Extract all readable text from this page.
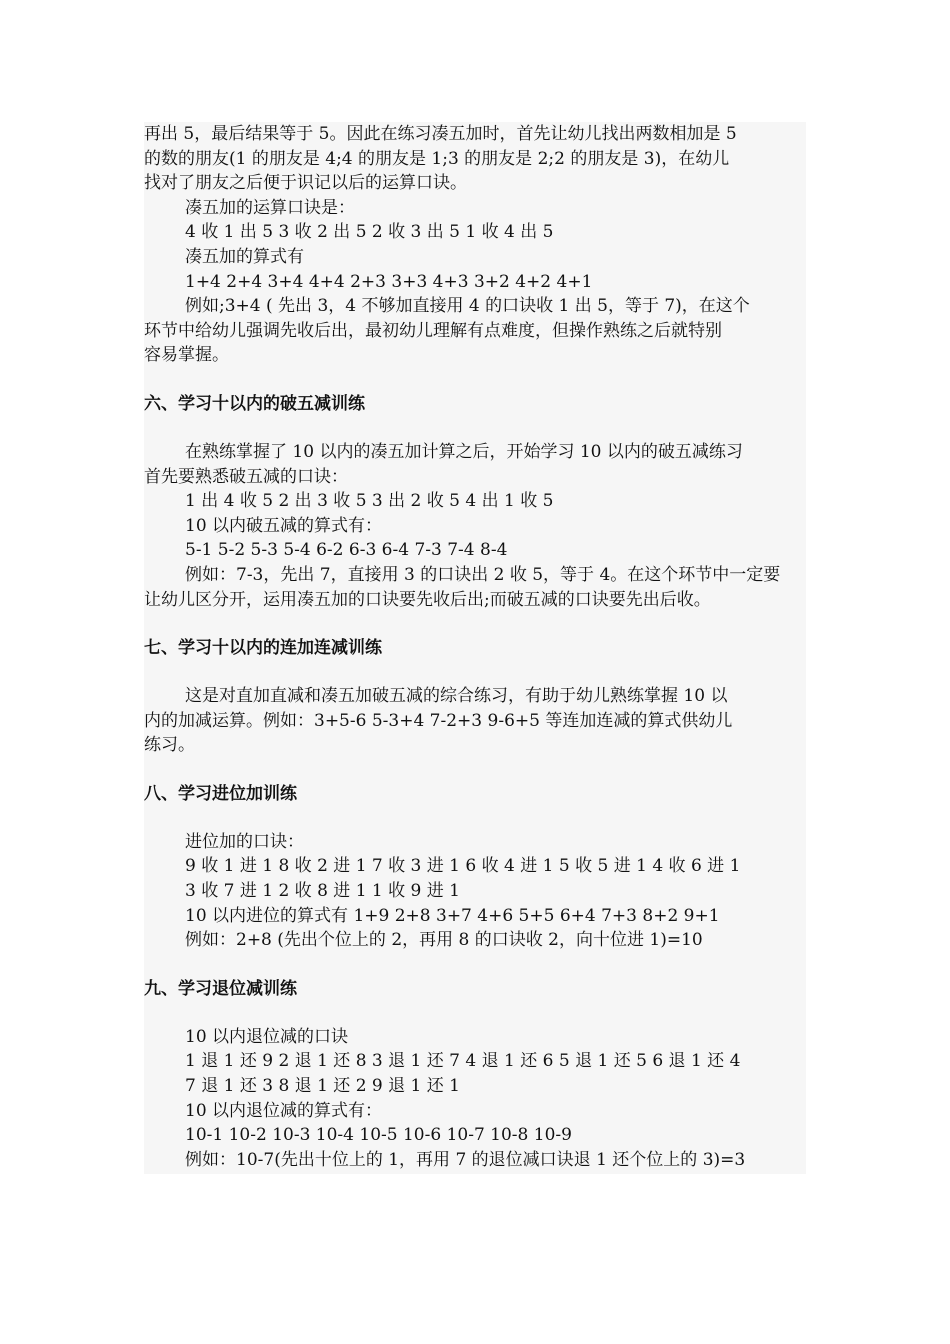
再出 5，最后结果等于 5。因此在练习凑五加时，首先让幼儿找出两数相加是 5
的数的朋友(1 的朋友是 4;4 的朋友是 1;3 的朋友是 2;2 的朋友是 3)，在幼儿
找对了朋友之后便于识记以后的运算口诀。
凑五加的运算口诀是：
4 收 1 出 5 3 收 2 出 5 2 收 3 出 5 1 收 4 出 5
凑五加的算式有
1+4 2+4 3+4 4+4 2+3 3+3 4+3 3+2 4+2 4+1
例如;3+4 ( 先出 3，4 不够加直接用 4 的口诀收 1 出 5，等于 7)，在这个
环节中给幼儿强调先收后出，最初幼儿理解有点难度，但操作熟练之后就特别
容易掌握。
六、学习十以内的破五减训练
在熟练掌握了 10 以内的凑五加计算之后，开始学习 10 以内的破五减练习
首先要熟悉破五减的口诀：
1 出 4 收 5 2 出 3 收 5 3 出 2 收 5 4 出 1 收 5
10 以内破五减的算式有：
5-1 5-2 5-3 5-4 6-2 6-3 6-4 7-3 7-4 8-4
例如：7-3，先出 7，直接用 3 的口诀出 2 收 5，等于 4。在这个环节中一定要
让幼儿区分开，运用凑五加的口诀要先收后出;而破五减的口诀要先出后收。
七、学习十以内的连加连减训练
这是对直加直减和凑五加破五减的综合练习，有助于幼儿熟练掌握 10 以
内的加减运算。例如：3+5-6 5-3+4 7-2+3 9-6+5 等连加连减的算式供幼儿
练习。
八、学习进位加训练
进位加的口诀：
9 收 1 进 1 8 收 2 进 1 7 收 3 进 1 6 收 4 进 1 5 收 5 进 1 4 收 6 进 1
3 收 7 进 1 2 收 8 进 1 1 收 9 进 1
10 以内进位的算式有 1+9 2+8 3+7 4+6 5+5 6+4 7+3 8+2 9+1
例如：2+8 (先出个位上的 2，再用 8 的口诀收 2，向十位进 1)=10
九、学习退位减训练
10 以内退位减的口诀
1 退 1 还 9 2 退 1 还 8 3 退 1 还 7 4 退 1 还 6 5 退 1 还 5 6 退 1 还 4
7 退 1 还 3 8 退 1 还 2 9 退 1 还 1
10 以内退位减的算式有：
10-1 10-2 10-3 10-4 10-5 10-6 10-7 10-8 10-9
例如：10-7(先出十位上的 1，再用 7 的退位减口诀退 1 还个位上的 3)=3
